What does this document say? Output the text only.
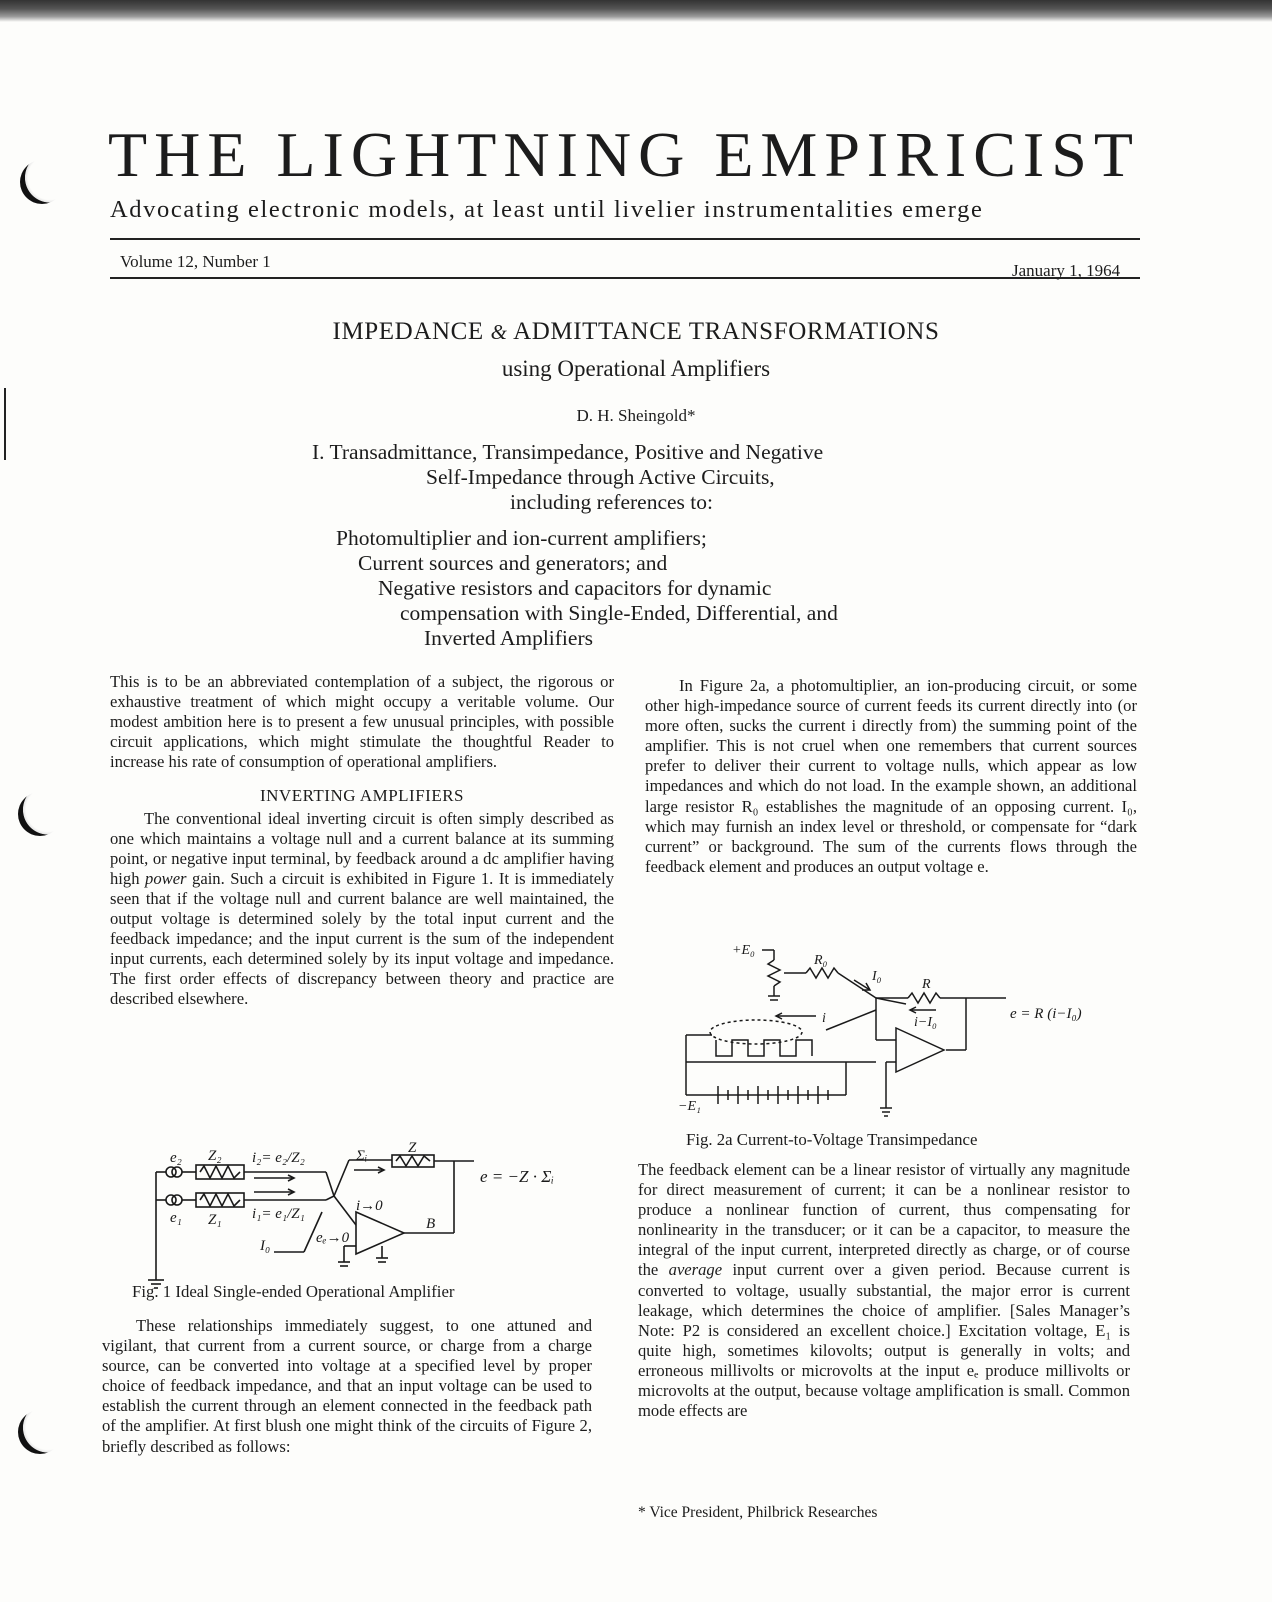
THE LIGHTNING EMPIRICIST
Advocating electronic models, at least until livelier instrumentalities emerge
Volume 12, Number 1	January 1, 1964
IMPEDANCE & ADMITTANCE TRANSFORMATIONS
using Operational Amplifiers
D. H. Sheingold*
I. Transadmittance, Transimpedance, Positive and Negative
Self-Impedance through Active Circuits,
including references to:
Photomultiplier and ion-current amplifiers;
Current sources and generators; and
Negative resistors and capacitors for dynamic
compensation with Single-Ended, Differential, and
Inverted Amplifiers

This is to be an abbreviated contemplation of a subject, the rigorous or exhaustive treatment of which might occupy a veritable volume. Our modest ambition here is to present a few unusual principles, with possible circuit applications, which might stimulate the thoughtful Reader to increase his rate of consumption of operational amplifiers.

INVERTING AMPLIFIERS

The conventional ideal inverting circuit is often simply described as one which maintains a voltage null and a current balance at its summing point, or negative input terminal, by feedback around a dc amplifier having high power gain. Such a circuit is exhibited in Figure 1. It is immediately seen that if the voltage null and current balance are well maintained, the output voltage is determined solely by the total input current and the feedback impedance; and the input current is the sum of the independent input currents, each determined solely by its input voltage and impedance. The first order effects of discrepancy between theory and practice are described elsewhere.

e₂ Z₂ i₂= e₂/Z₂	Σᵢ	Z
e₁ Z₁ i₁= e₁/Z₁	i→0
I₀	eₑ→0
e = −Z · Σᵢ
B
Fig. 1 Ideal Single-ended Operational Amplifier

These relationships immediately suggest, to one attuned and vigilant, that current from a current source, or charge from a charge source, can be converted into voltage at a specified level by proper choice of feedback impedance, and that an input voltage can be used to establish the current through an element connected in the feedback path of the amplifier. At first blush one might think of the circuits of Figure 2, briefly described as follows:

In Figure 2a, a photomultiplier, an ion-producing circuit, or some other high-impedance source of current feeds its current directly into (or more often, sucks the current i directly from) the summing point of the amplifier. This is not cruel when one remembers that current sources prefer to deliver their current to voltage nulls, which appear as low impedances and which do not load. In the example shown, an additional large resistor R₀ establishes the magnitude of an opposing current. I₀, which may furnish an index level or threshold, or compensate for “dark current” or background. The sum of the currents flows through the feedback element and produces an output voltage e.

+E₀
R₀
I₀
R
i	i−I₀
e = R (i−I₀)
−E₁
Fig. 2a Current-to-Voltage Transimpedance

The feedback element can be a linear resistor of virtually any magnitude for direct measurement of current; it can be a nonlinear resistor to produce a nonlinear function of current, thus compensating for nonlinearity in the transducer; or it can be a capacitor, to measure the integral of the input current, interpreted directly as charge, or of course the average input current over a given period. Because current is converted to voltage, usually substantial, the major error is current leakage, which determines the choice of amplifier. [Sales Manager’s Note: P2 is considered an excellent choice.] Excitation voltage, E₁ is quite high, sometimes kilovolts; output is generally in volts; and erroneous millivolts or microvolts at the input eₑ produce millivolts or microvolts at the output, because voltage amplification is small. Common mode effects are

* Vice President, Philbrick Researches
